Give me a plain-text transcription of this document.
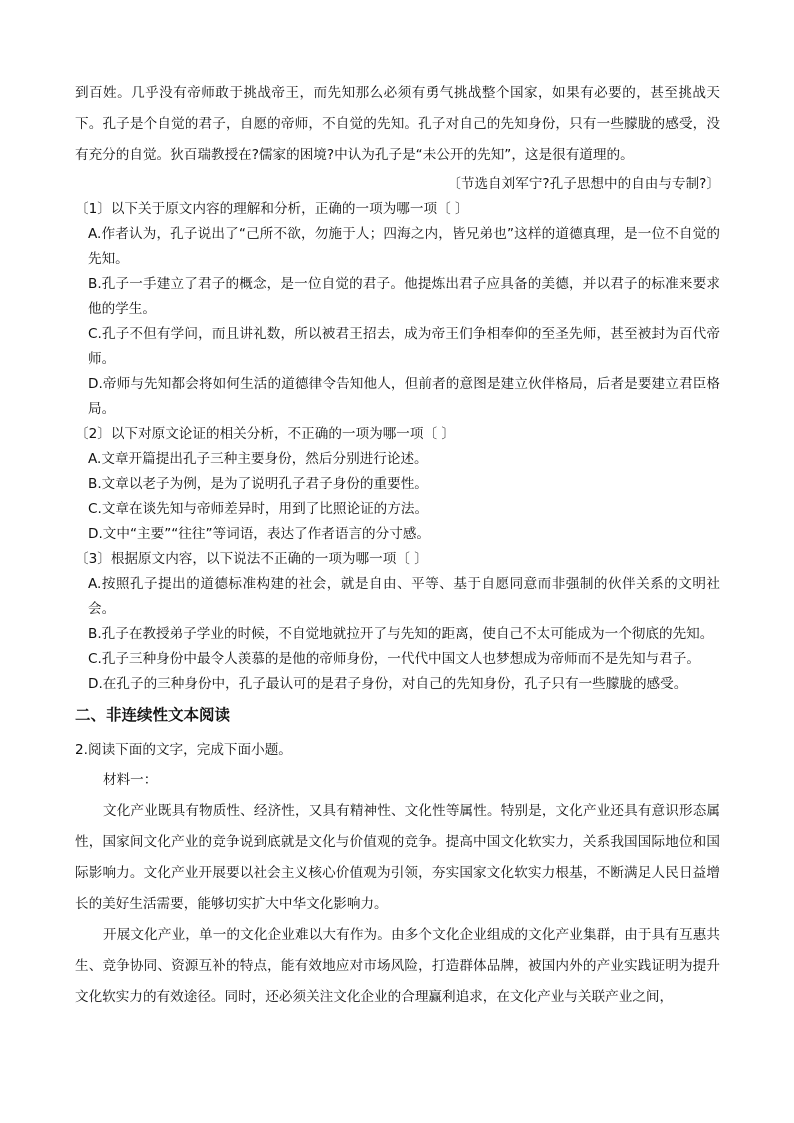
到百姓。几乎没有帝师敢于挑战帝王，而先知那么必须有勇气挑战整个国家，如果有必要的，甚至挑战天下。孔子是个自觉的君子，自愿的帝师，不自觉的先知。孔子对自己的先知身份，只有一些朦胧的感受，没有充分的自觉。狄百瑞教授在?儒家的困境?中认为孔子是“未公开的先知”，这是很有道理的。

〔节选自刘军宁?孔子思想中的自由与专制?〕

〔1〕以下关于原文内容的理解和分析，正确的一项为哪一项〔 〕

A.作者认为，孔子说出了“己所不欲，勿施于人；四海之内，皆兄弟也”这样的道德真理，是一位不自觉的先知。

B.孔子一手建立了君子的概念，是一位自觉的君子。他提炼出君子应具备的美德，并以君子的标准来要求他的学生。

C.孔子不但有学问，而且讲礼数，所以被君王招去，成为帝王们争相奉仰的至圣先师，甚至被封为百代帝师。

D.帝师与先知都会将如何生活的道德律令告知他人，但前者的意图是建立伙伴格局，后者是要建立君臣格局。

〔2〕以下对原文论证的相关分析，不正确的一项为哪一项〔 〕

A.文章开篇提出孔子三种主要身份，然后分别进行论述。

B.文章以老子为例，是为了说明孔子君子身份的重要性。

C.文章在谈先知与帝师差异时，用到了比照论证的方法。

D.文中“主要”“往往”等词语，表达了作者语言的分寸感。

〔3〕根据原文内容，以下说法不正确的一项为哪一项〔 〕

A.按照孔子提出的道德标准构建的社会，就是自由、平等、基于自愿同意而非强制的伙伴关系的文明社会。

B.孔子在教授弟子学业的时候，不自觉地就拉开了与先知的距离，使自己不太可能成为一个彻底的先知。

C.孔子三种身份中最令人羡慕的是他的帝师身份，一代代中国文人也梦想成为帝师而不是先知与君子。

D.在孔子的三种身份中，孔子最认可的是君子身份，对自己的先知身份，孔子只有一些朦胧的感受。

二、非连续性文本阅读

2.阅读下面的文字，完成下面小题。

材料一：

文化产业既具有物质性、经济性，又具有精神性、文化性等属性。特别是，文化产业还具有意识形态属性，国家间文化产业的竞争说到底就是文化与价值观的竞争。提高中国文化软实力，关系我国国际地位和国际影响力。文化产业开展要以社会主义核心价值观为引领，夯实国家文化软实力根基，不断满足人民日益增长的美好生活需要，能够切实扩大中华文化影响力。

开展文化产业，单一的文化企业难以大有作为。由多个文化企业组成的文化产业集群，由于具有互惠共生、竞争协同、资源互补的特点，能有效地应对市场风险，打造群体品牌，被国内外的产业实践证明为提升文化软实力的有效途径。同时，还必须关注文化企业的合理赢利追求，在文化产业与关联产业之间，
